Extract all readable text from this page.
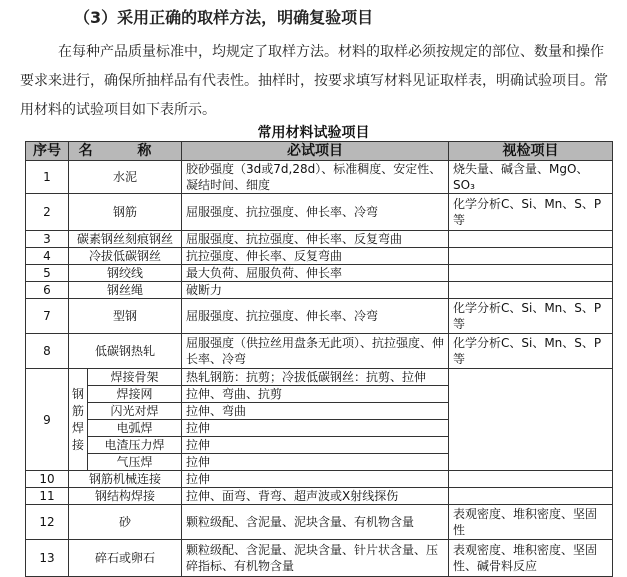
（3）采用正确的取样方法，明确复验项目
在每种产品质量标准中，均规定了取样方法。材料的取样必须按规定的部位、数量和操作要求来进行，确保所抽样品有代表性。抽样时，按要求填写材料见证取样表，明确试验项目。常用材料的试验项目如下表所示。
常用材料试验项目
序号	名 称		必试项目	视检项目
1	水泥		胶砂强度（3d或7d,28d）、标准稠度、安定性、凝结时间、细度	烧失量、碱含量、MgO、SO₃
2	钢筋		屈服强度、抗拉强度、伸长率、冷弯	化学分析C、Si、Mn、S、P等
3	碳素钢丝刻痕钢丝		屈服强度、抗拉强度、伸长率、反复弯曲	
4	冷拔低碳钢丝		抗拉强度、伸长率、反复弯曲	
5	钢绞线		最大负荷、屈服负荷、伸长率	
6	钢丝绳		破断力	
7	型钢		屈服强度、抗拉强度、伸长率、冷弯	化学分析C、Si、Mn、S、P等
8	低碳钢热轧		屈服强度（供拉丝用盘条无此项）、抗拉强度、伸长率、冷弯	化学分析C、Si、Mn、S、P等
9	钢筋焊接	焊接骨架	热轧钢筋：抗剪；冷拔低碳钢丝：抗剪、拉伸	
		焊接网	拉伸、弯曲、抗剪	
		闪光对焊	拉伸、弯曲	
		电弧焊	拉伸	
		电渣压力焊	拉伸	
		气压焊	拉伸	
10	钢筋机械连接		拉伸	
11	钢结构焊接		拉伸、面弯、背弯、超声波或X射线探伤	
12	砂		颗粒级配、含泥量、泥块含量、有机物含量	表观密度、堆积密度、坚固性
13	碎石或卵石		颗粒级配、含泥量、泥块含量、针片状含量、压碎指标、有机物含量	表观密度、堆积密度、坚固性、碱骨料反应
